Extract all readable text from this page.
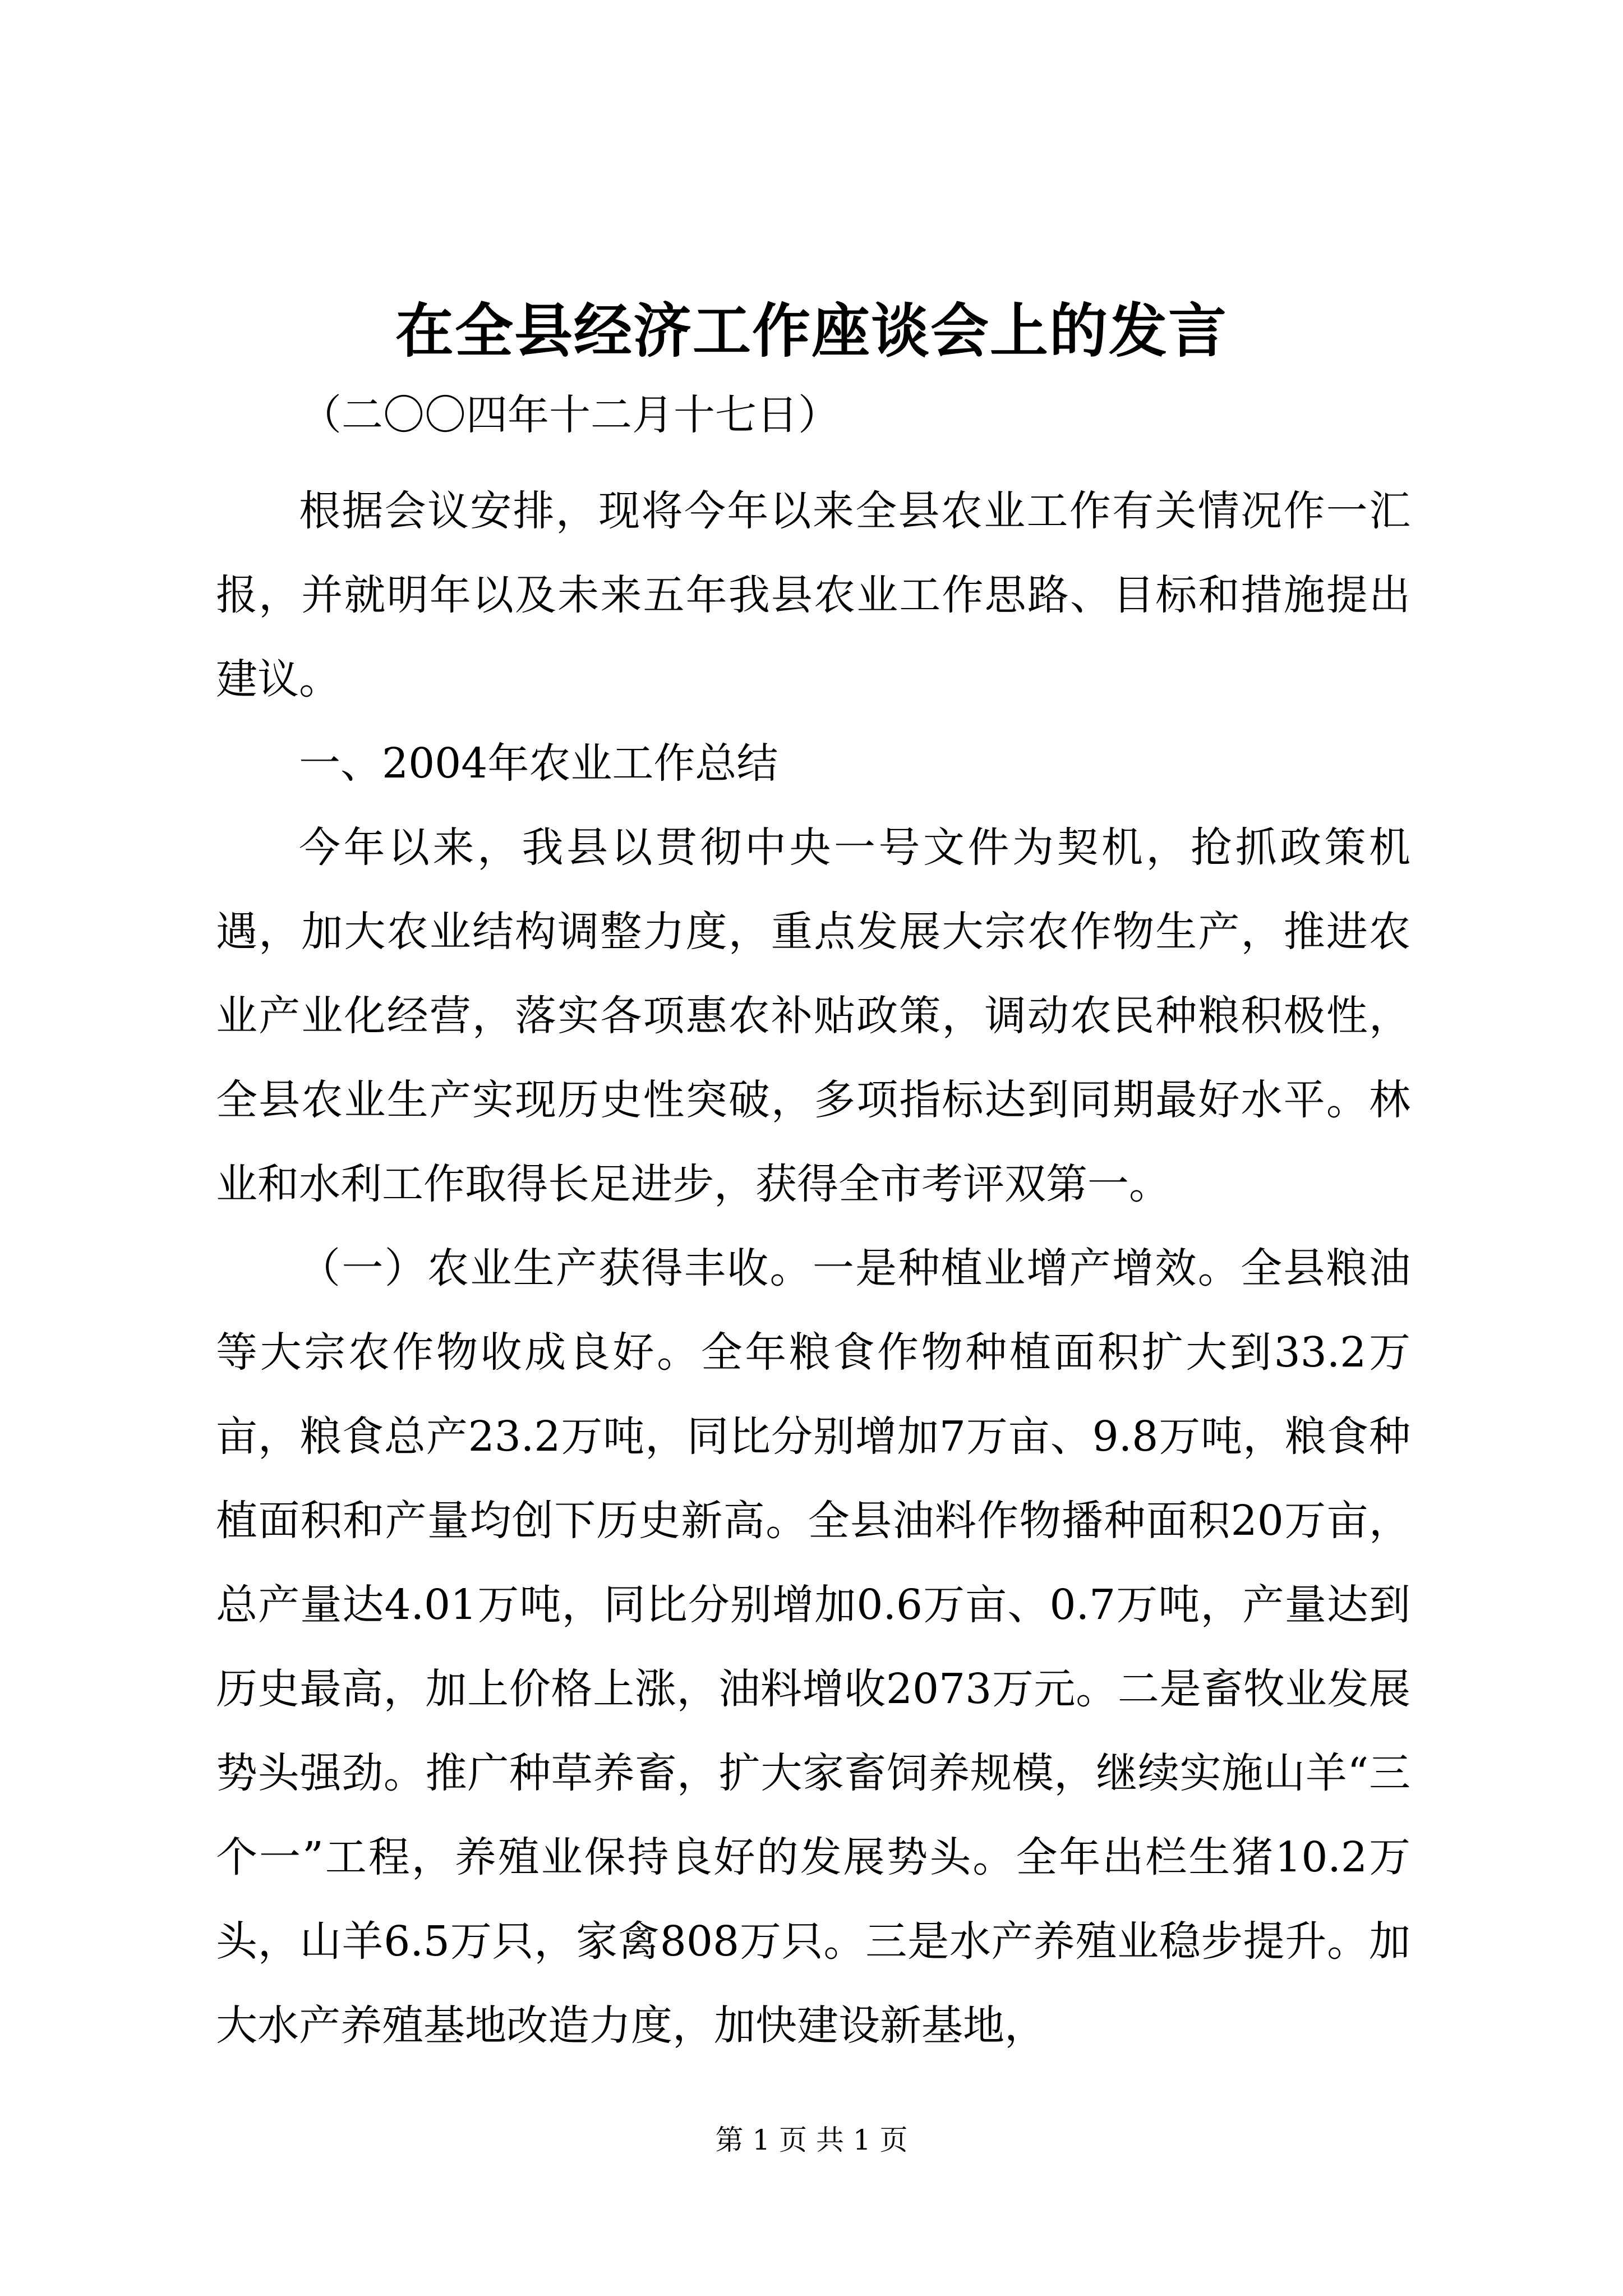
在全县经济工作座谈会上的发言
（二〇〇四年十二月十七日）

根据会议安排，现将今年以来全县农业工作有关情况作一汇报，并就明年以及未来五年我县农业工作思路、目标和措施提出建议。

一、2004年农业工作总结

今年以来，我县以贯彻中央一号文件为契机，抢抓政策机遇，加大农业结构调整力度，重点发展大宗农作物生产，推进农业产业化经营，落实各项惠农补贴政策，调动农民种粮积极性，全县农业生产实现历史性突破，多项指标达到同期最好水平。林业和水利工作取得长足进步，获得全市考评双第一。

（一）农业生产获得丰收。一是种植业增产增效。全县粮油等大宗农作物收成良好。全年粮食作物种植面积扩大到33.2万亩，粮食总产23.2万吨，同比分别增加7万亩、9.8万吨，粮食种植面积和产量均创下历史新高。全县油料作物播种面积20万亩，总产量达4.01万吨，同比分别增加0.6万亩、0.7万吨，产量达到历史最高，加上价格上涨，油料增收2073万元。二是畜牧业发展势头强劲。推广种草养畜，扩大家畜饲养规模，继续实施山羊“三个一”工程，养殖业保持良好的发展势头。全年出栏生猪10.2万头，山羊6.5万只，家禽808万只。三是水产养殖业稳步提升。加大水产养殖基地改造力度，加快建设新基地，

第 1 页 共 1 页
